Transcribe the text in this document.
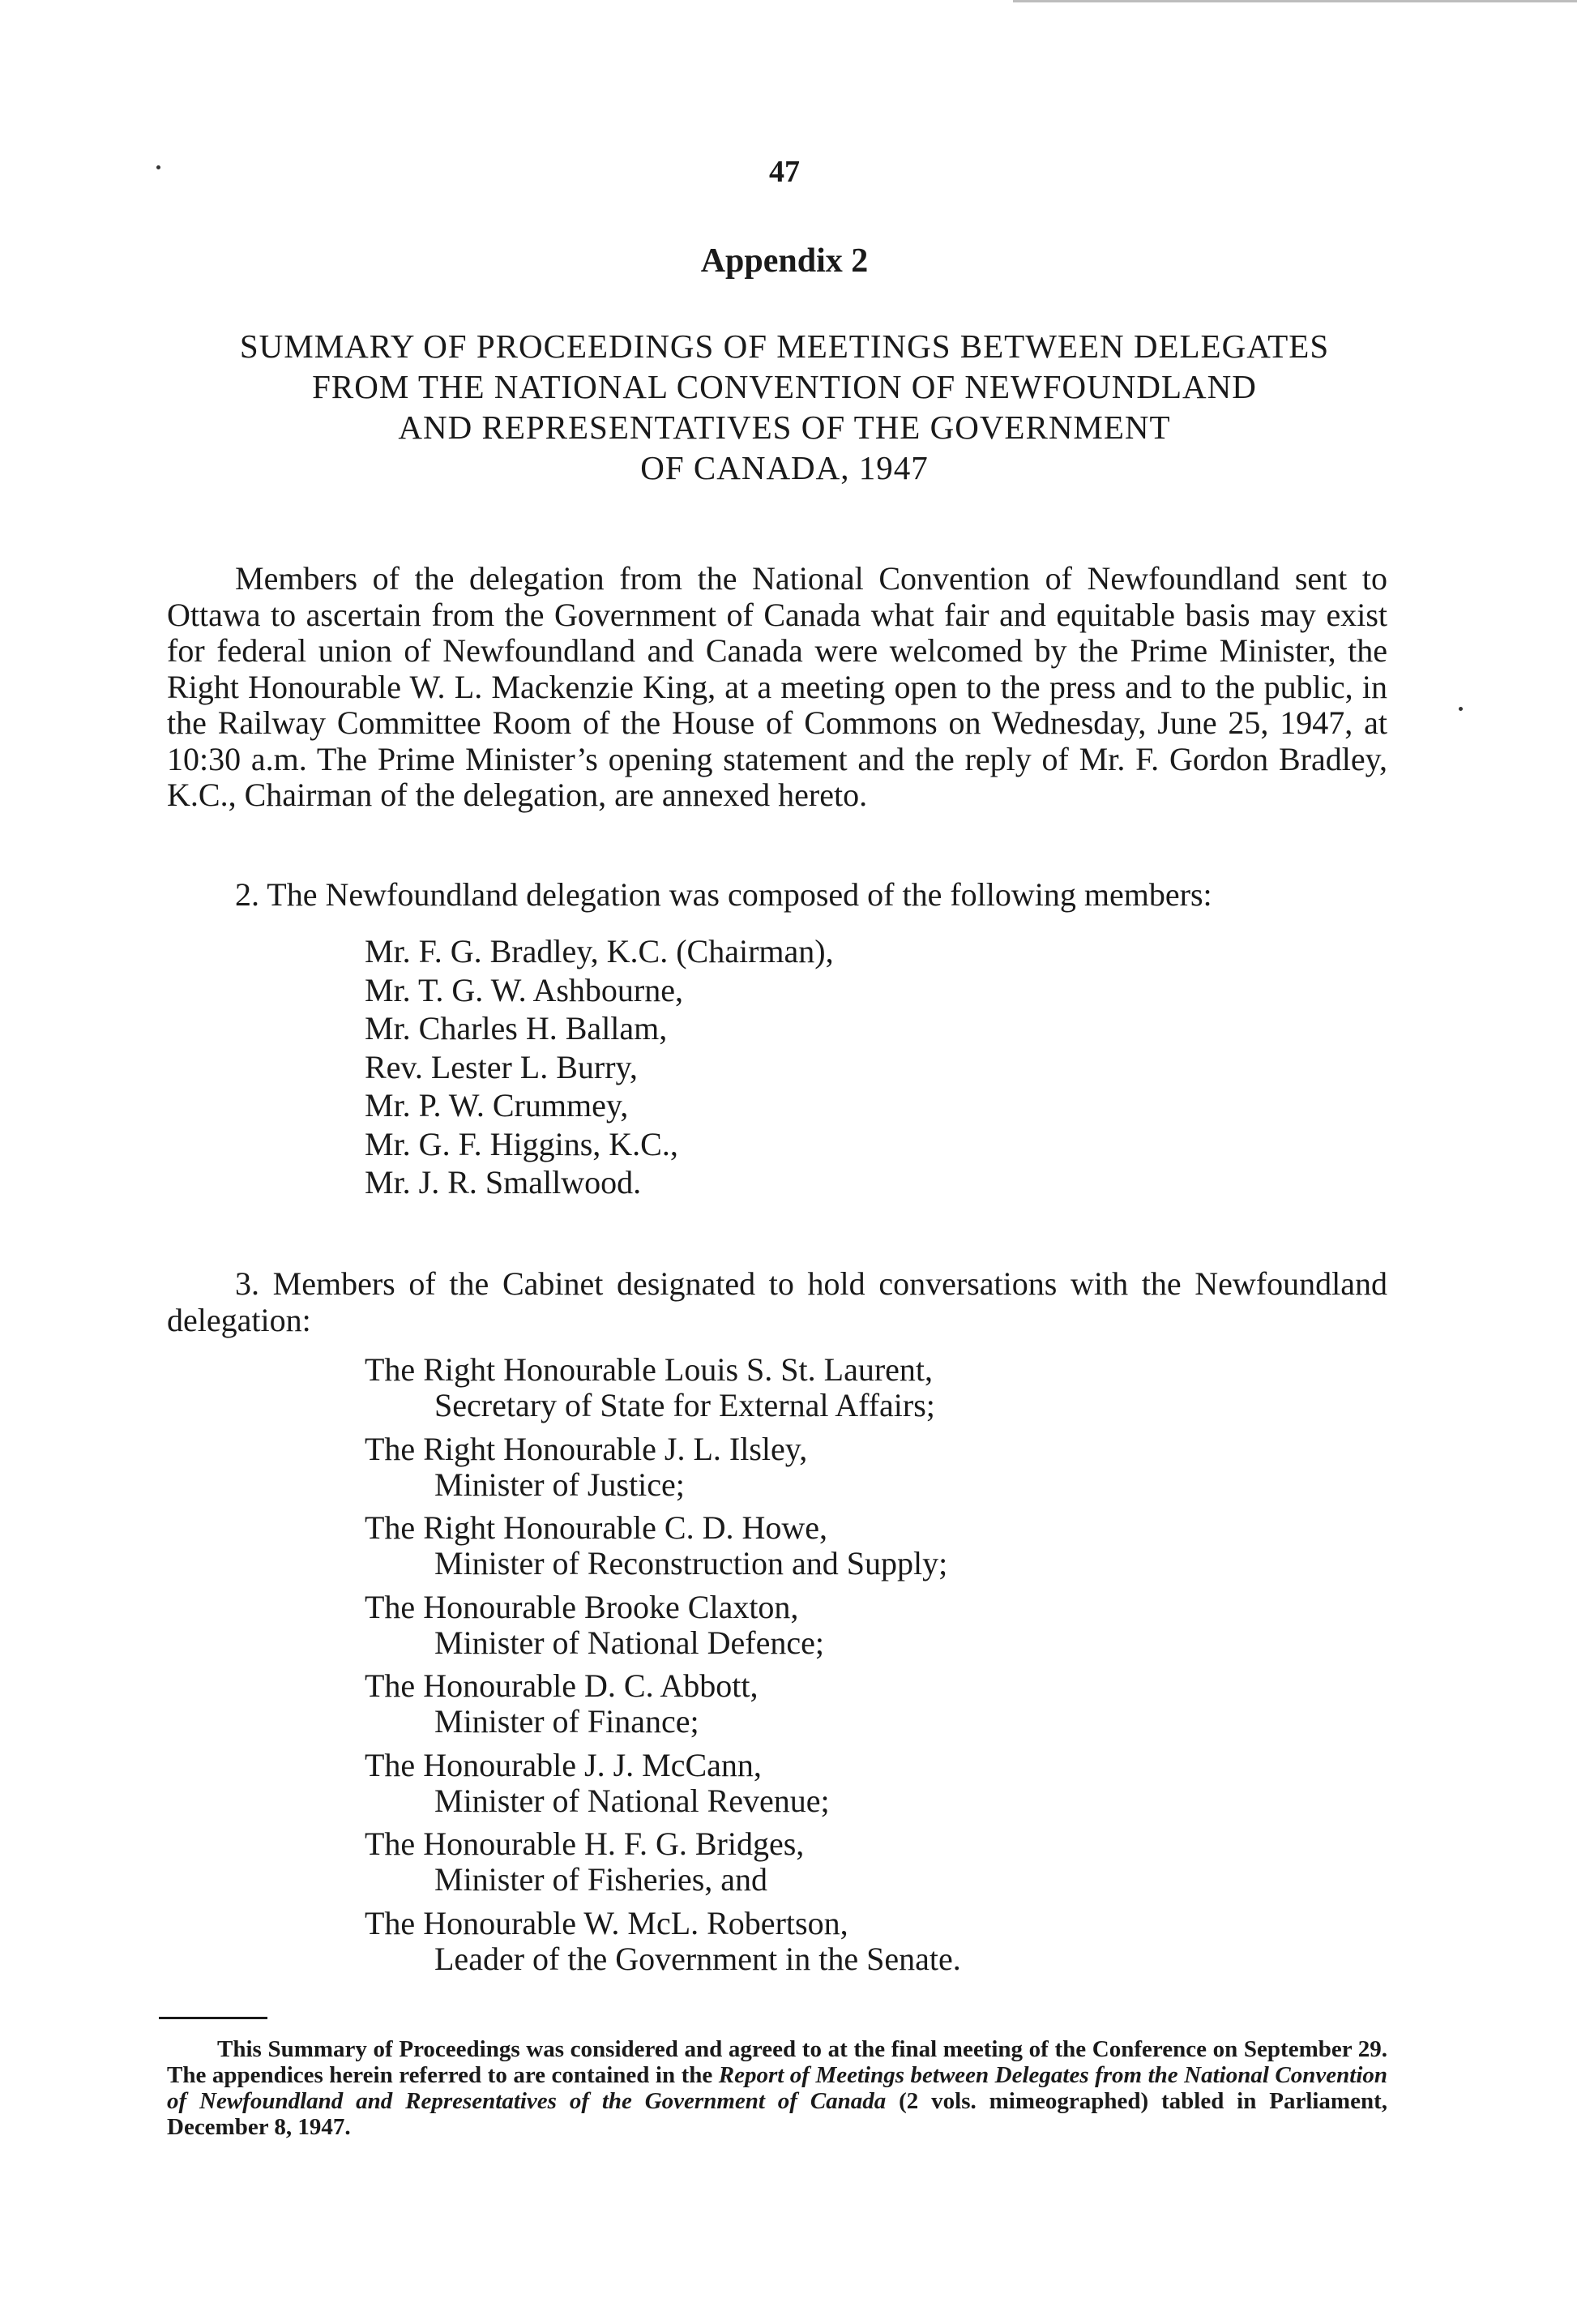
47
Appendix 2
SUMMARY OF PROCEEDINGS OF MEETINGS BETWEEN DELEGATES
FROM THE NATIONAL CONVENTION OF NEWFOUNDLAND
AND REPRESENTATIVES OF THE GOVERNMENT
OF CANADA, 1947
Members of the delegation from the National Convention of Newfoundland sent to Ottawa to ascertain from the Government of Canada what fair and equitable basis may exist for federal union of Newfoundland and Canada were welcomed by the Prime Minister, the Right Honourable W. L. Mackenzie King, at a meeting open to the press and to the public, in the Railway Committee Room of the House of Commons on Wednesday, June 25, 1947, at 10:30 a.m. The Prime Minister’s opening statement and the reply of Mr. F. Gordon Bradley, K.C., Chairman of the delegation, are annexed hereto.
2. The Newfoundland delegation was composed of the following members:
Mr. F. G. Bradley, K.C. (Chairman),
Mr. T. G. W. Ashbourne,
Mr. Charles H. Ballam,
Rev. Lester L. Burry,
Mr. P. W. Crummey,
Mr. G. F. Higgins, K.C.,
Mr. J. R. Smallwood.
3. Members of the Cabinet designated to hold conversations with the Newfoundland delegation:
The Right Honourable Louis S. St. Laurent,
Secretary of State for External Affairs;
The Right Honourable J. L. Ilsley,
Minister of Justice;
The Right Honourable C. D. Howe,
Minister of Reconstruction and Supply;
The Honourable Brooke Claxton,
Minister of National Defence;
The Honourable D. C. Abbott,
Minister of Finance;
The Honourable J. J. McCann,
Minister of National Revenue;
The Honourable H. F. G. Bridges,
Minister of Fisheries, and
The Honourable W. McL. Robertson,
Leader of the Government in the Senate.
This Summary of Proceedings was considered and agreed to at the final meeting of the Conference on September 29. The appendices herein referred to are contained in the Report of Meetings between Delegates from the National Convention of Newfoundland and Representatives of the Government of Canada (2 vols. mimeographed) tabled in Parliament, December 8, 1947.
